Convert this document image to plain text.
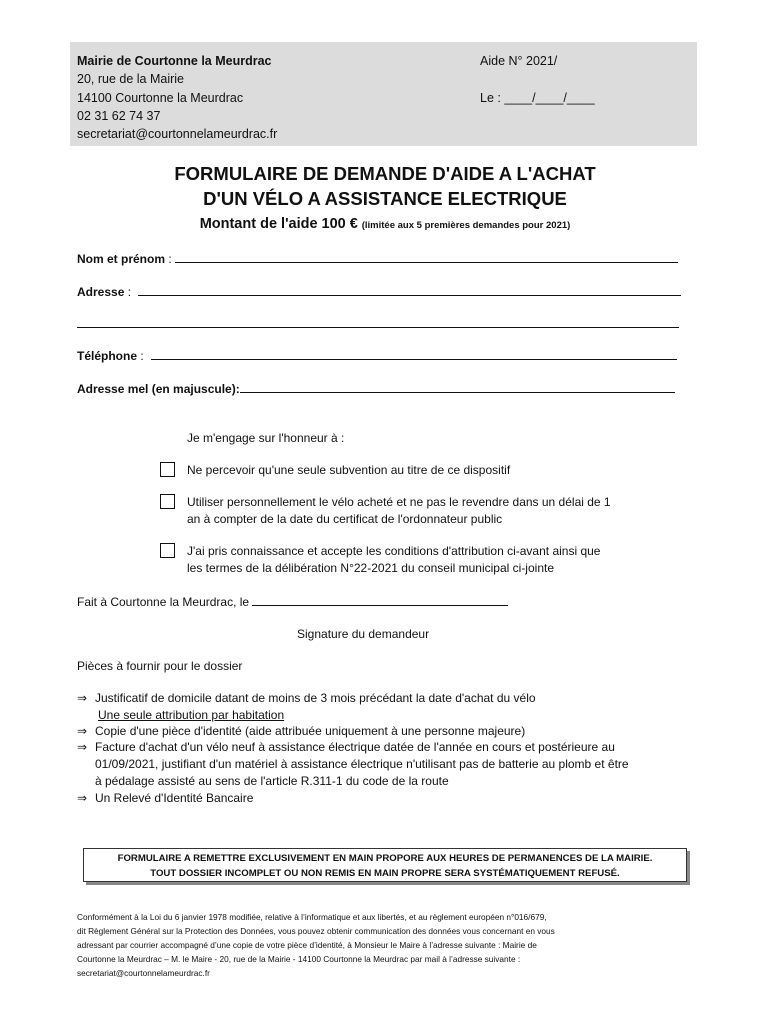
Mairie de Courtonne la Meurdrac
20, rue de la Mairie
14100 Courtonne la Meurdrac
02 31 62 74 37
secretariat@courtonnelameurdrac.fr
Aide N° 2021/
Le : ____/____/____
FORMULAIRE DE DEMANDE D'AIDE A L'ACHAT
D'UN VÉLO A ASSISTANCE ELECTRIQUE
Montant de l'aide 100 € (limitée aux 5 premières demandes pour 2021)
Nom et prénom :
Adresse :
Téléphone :
Adresse mel (en majuscule):
Je m'engage sur l'honneur à :
Ne percevoir qu'une seule subvention au titre de ce dispositif
Utiliser personnellement le vélo acheté et ne pas le revendre dans un délai de 1
an à compter de la date du certificat de l'ordonnateur public
J'ai pris connaissance et accepte les conditions d'attribution ci-avant ainsi que
les termes de la délibération N°22-2021 du conseil municipal ci-jointe
Fait à Courtonne la Meurdrac, le
Signature du demandeur
Pièces à fournir pour le dossier
⇒ Justificatif de domicile datant de moins de 3 mois précédant la date d'achat du vélo
Une seule attribution par habitation
⇒ Copie d'une pièce d'identité (aide attribuée uniquement à une personne majeure)
⇒ Facture d'achat d'un vélo neuf à assistance électrique datée de l'année en cours et postérieure au
01/09/2021, justifiant d'un matériel à assistance électrique n'utilisant pas de batterie au plomb et être
à pédalage assisté au sens de l'article R.311-1 du code de la route
⇒ Un Relevé d'Identité Bancaire
FORMULAIRE A REMETTRE EXCLUSIVEMENT EN MAIN PROPORE AUX HEURES DE PERMANENCES DE LA MAIRIE.
TOUT DOSSIER INCOMPLET OU NON REMIS EN MAIN PROPRE SERA SYSTÉMATIQUEMENT REFUSÉ.
Conformément à la Loi du 6 janvier 1978 modifiée, relative à l’informatique et aux libertés, et au règlement européen n°016/679,
dit Règlement Général sur la Protection des Données, vous pouvez obtenir communication des données vous concernant en vous
adressant par courrier accompagné d’une copie de votre pièce d’identité, à Monsieur le Maire à l’adresse suivante : Mairie de
Courtonne la Meurdrac – M. le Maire - 20, rue de la Mairie - 14100 Courtonne la Meurdrac par mail à l’adresse suivante :
secretariat@courtonnelameurdrac.fr
